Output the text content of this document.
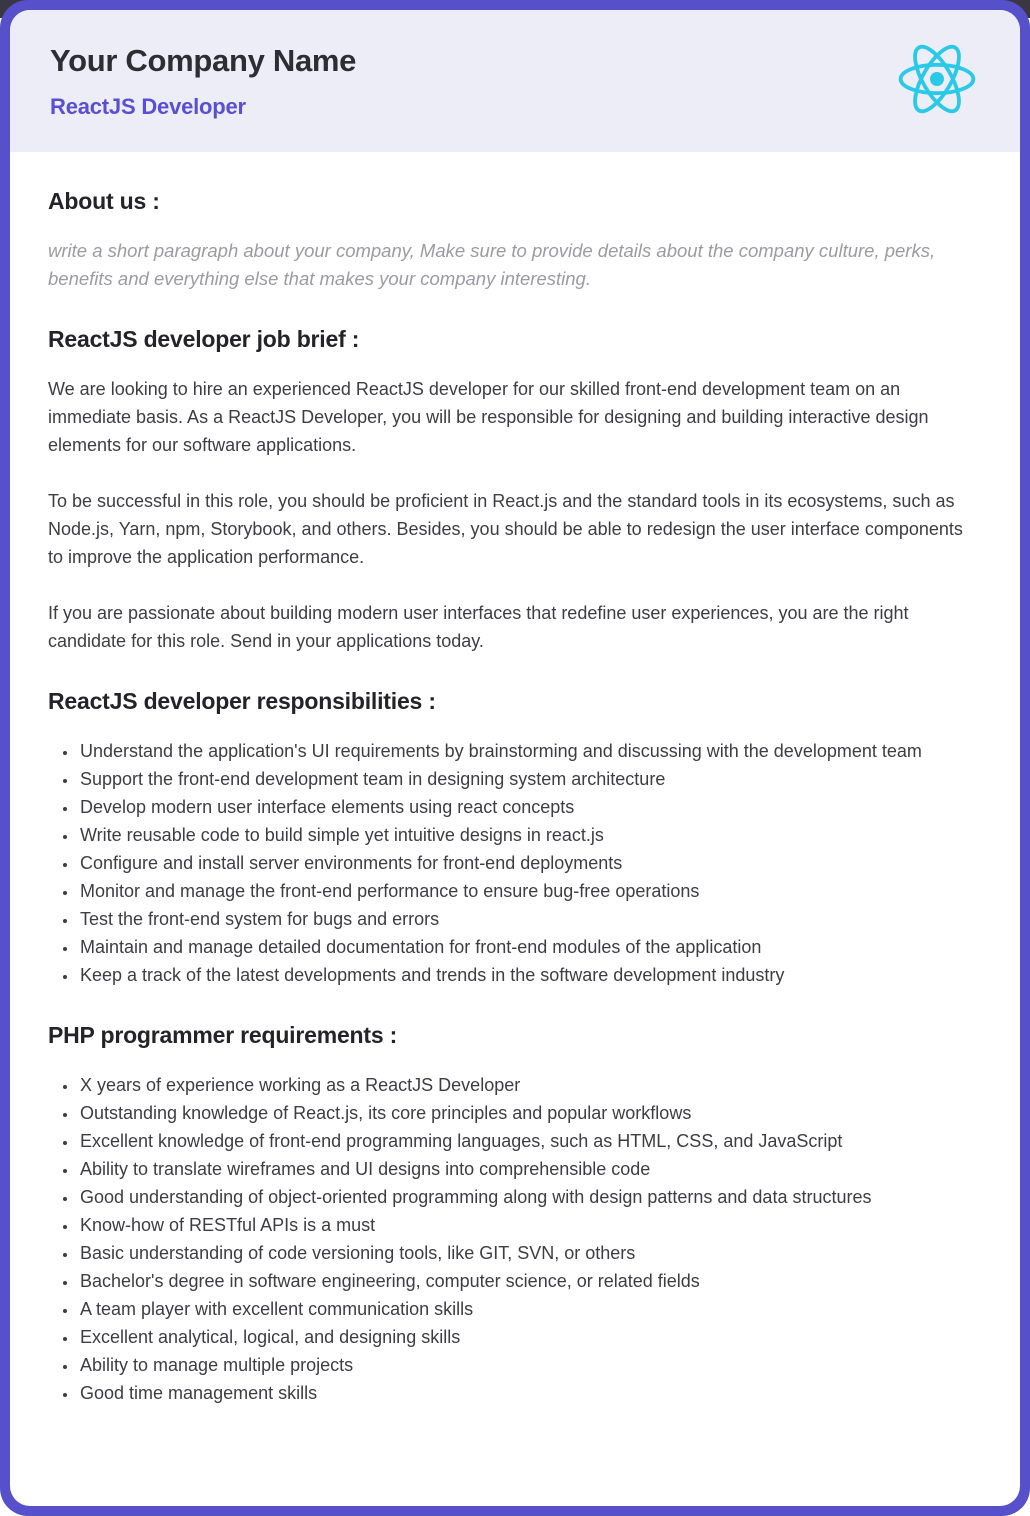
Your Company Name
ReactJS Developer
About us :

write a short paragraph about your company, Make sure to provide details about the company culture, perks, benefits and everything else that makes your company interesting.

ReactJS developer job brief :

We are looking to hire an experienced ReactJS developer for our skilled front-end development team on an immediate basis. As a ReactJS Developer, you will be responsible for designing and building interactive design elements for our software applications.

To be successful in this role, you should be proficient in React.js and the standard tools in its ecosystems, such as Node.js, Yarn, npm, Storybook, and others. Besides, you should be able to redesign the user interface components to improve the application performance.

If you are passionate about building modern user interfaces that redefine user experiences, you are the right candidate for this role. Send in your applications today.

ReactJS developer responsibilities :
• Understand the application's UI requirements by brainstorming and discussing with the development team
• Support the front-end development team in designing system architecture
• Develop modern user interface elements using react concepts
• Write reusable code to build simple yet intuitive designs in react.js
• Configure and install server environments for front-end deployments
• Monitor and manage the front-end performance to ensure bug-free operations
• Test the front-end system for bugs and errors
• Maintain and manage detailed documentation for front-end modules of the application
• Keep a track of the latest developments and trends in the software development industry
PHP programmer requirements :
• X years of experience working as a ReactJS Developer
• Outstanding knowledge of React.js, its core principles and popular workflows
• Excellent knowledge of front-end programming languages, such as HTML, CSS, and JavaScript
• Ability to translate wireframes and UI designs into comprehensible code
• Good understanding of object-oriented programming along with design patterns and data structures
• Know-how of RESTful APIs is a must
• Basic understanding of code versioning tools, like GIT, SVN, or others
• Bachelor's degree in software engineering, computer science, or related fields
• A team player with excellent communication skills
• Excellent analytical, logical, and designing skills
• Ability to manage multiple projects
• Good time management skills
